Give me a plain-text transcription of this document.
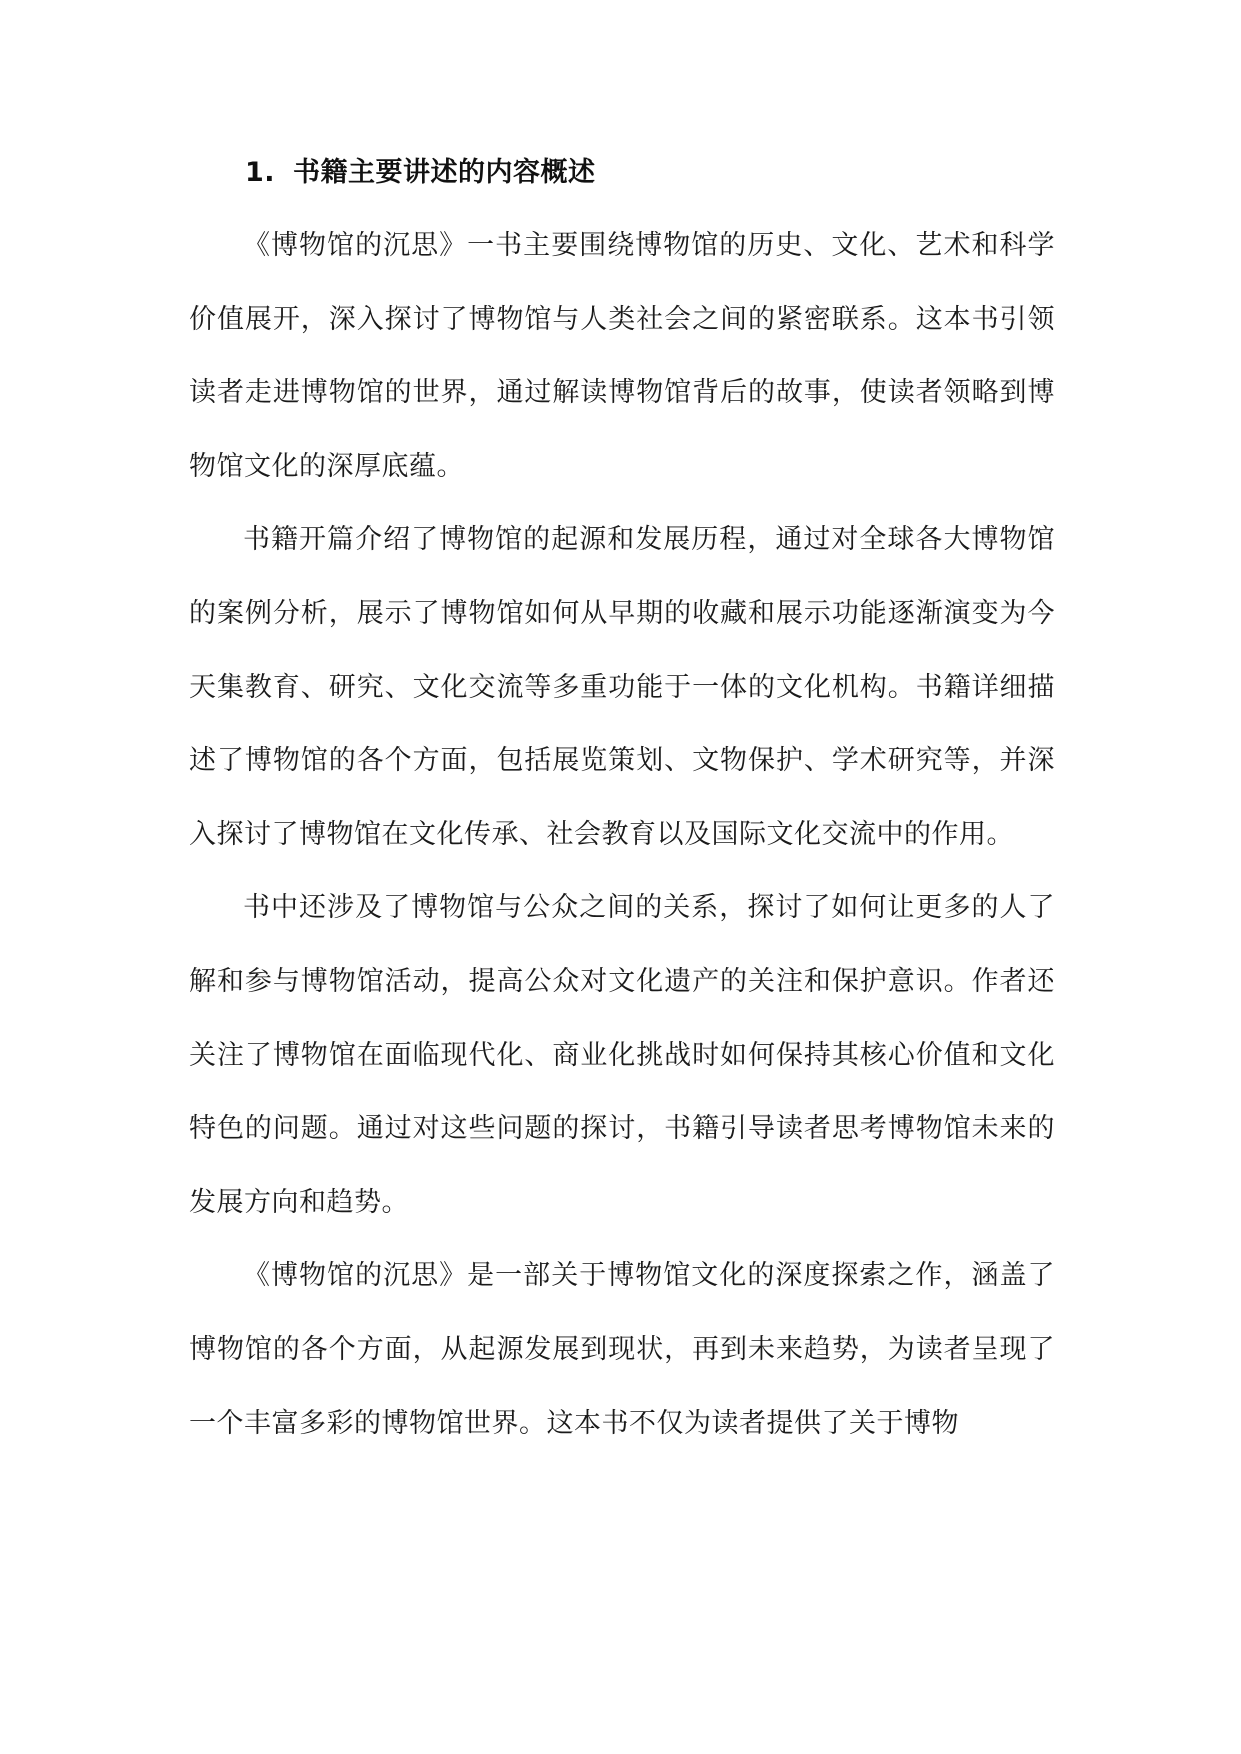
1. 书籍主要讲述的内容概述

《博物馆的沉思》一书主要围绕博物馆的历史、文化、艺术和科学价值展开，深入探讨了博物馆与人类社会之间的紧密联系。这本书引领读者走进博物馆的世界，通过解读博物馆背后的故事，使读者领略到博物馆文化的深厚底蕴。

书籍开篇介绍了博物馆的起源和发展历程，通过对全球各大博物馆的案例分析，展示了博物馆如何从早期的收藏和展示功能逐渐演变为今天集教育、研究、文化交流等多重功能于一体的文化机构。书籍详细描述了博物馆的各个方面，包括展览策划、文物保护、学术研究等，并深入探讨了博物馆在文化传承、社会教育以及国际文化交流中的作用。

书中还涉及了博物馆与公众之间的关系，探讨了如何让更多的人了解和参与博物馆活动，提高公众对文化遗产的关注和保护意识。作者还关注了博物馆在面临现代化、商业化挑战时如何保持其核心价值和文化特色的问题。通过对这些问题的探讨，书籍引导读者思考博物馆未来的发展方向和趋势。

《博物馆的沉思》是一部关于博物馆文化的深度探索之作，涵盖了博物馆的各个方面，从起源发展到现状，再到未来趋势，为读者呈现了一个丰富多彩的博物馆世界。这本书不仅为读者提供了关于博物
